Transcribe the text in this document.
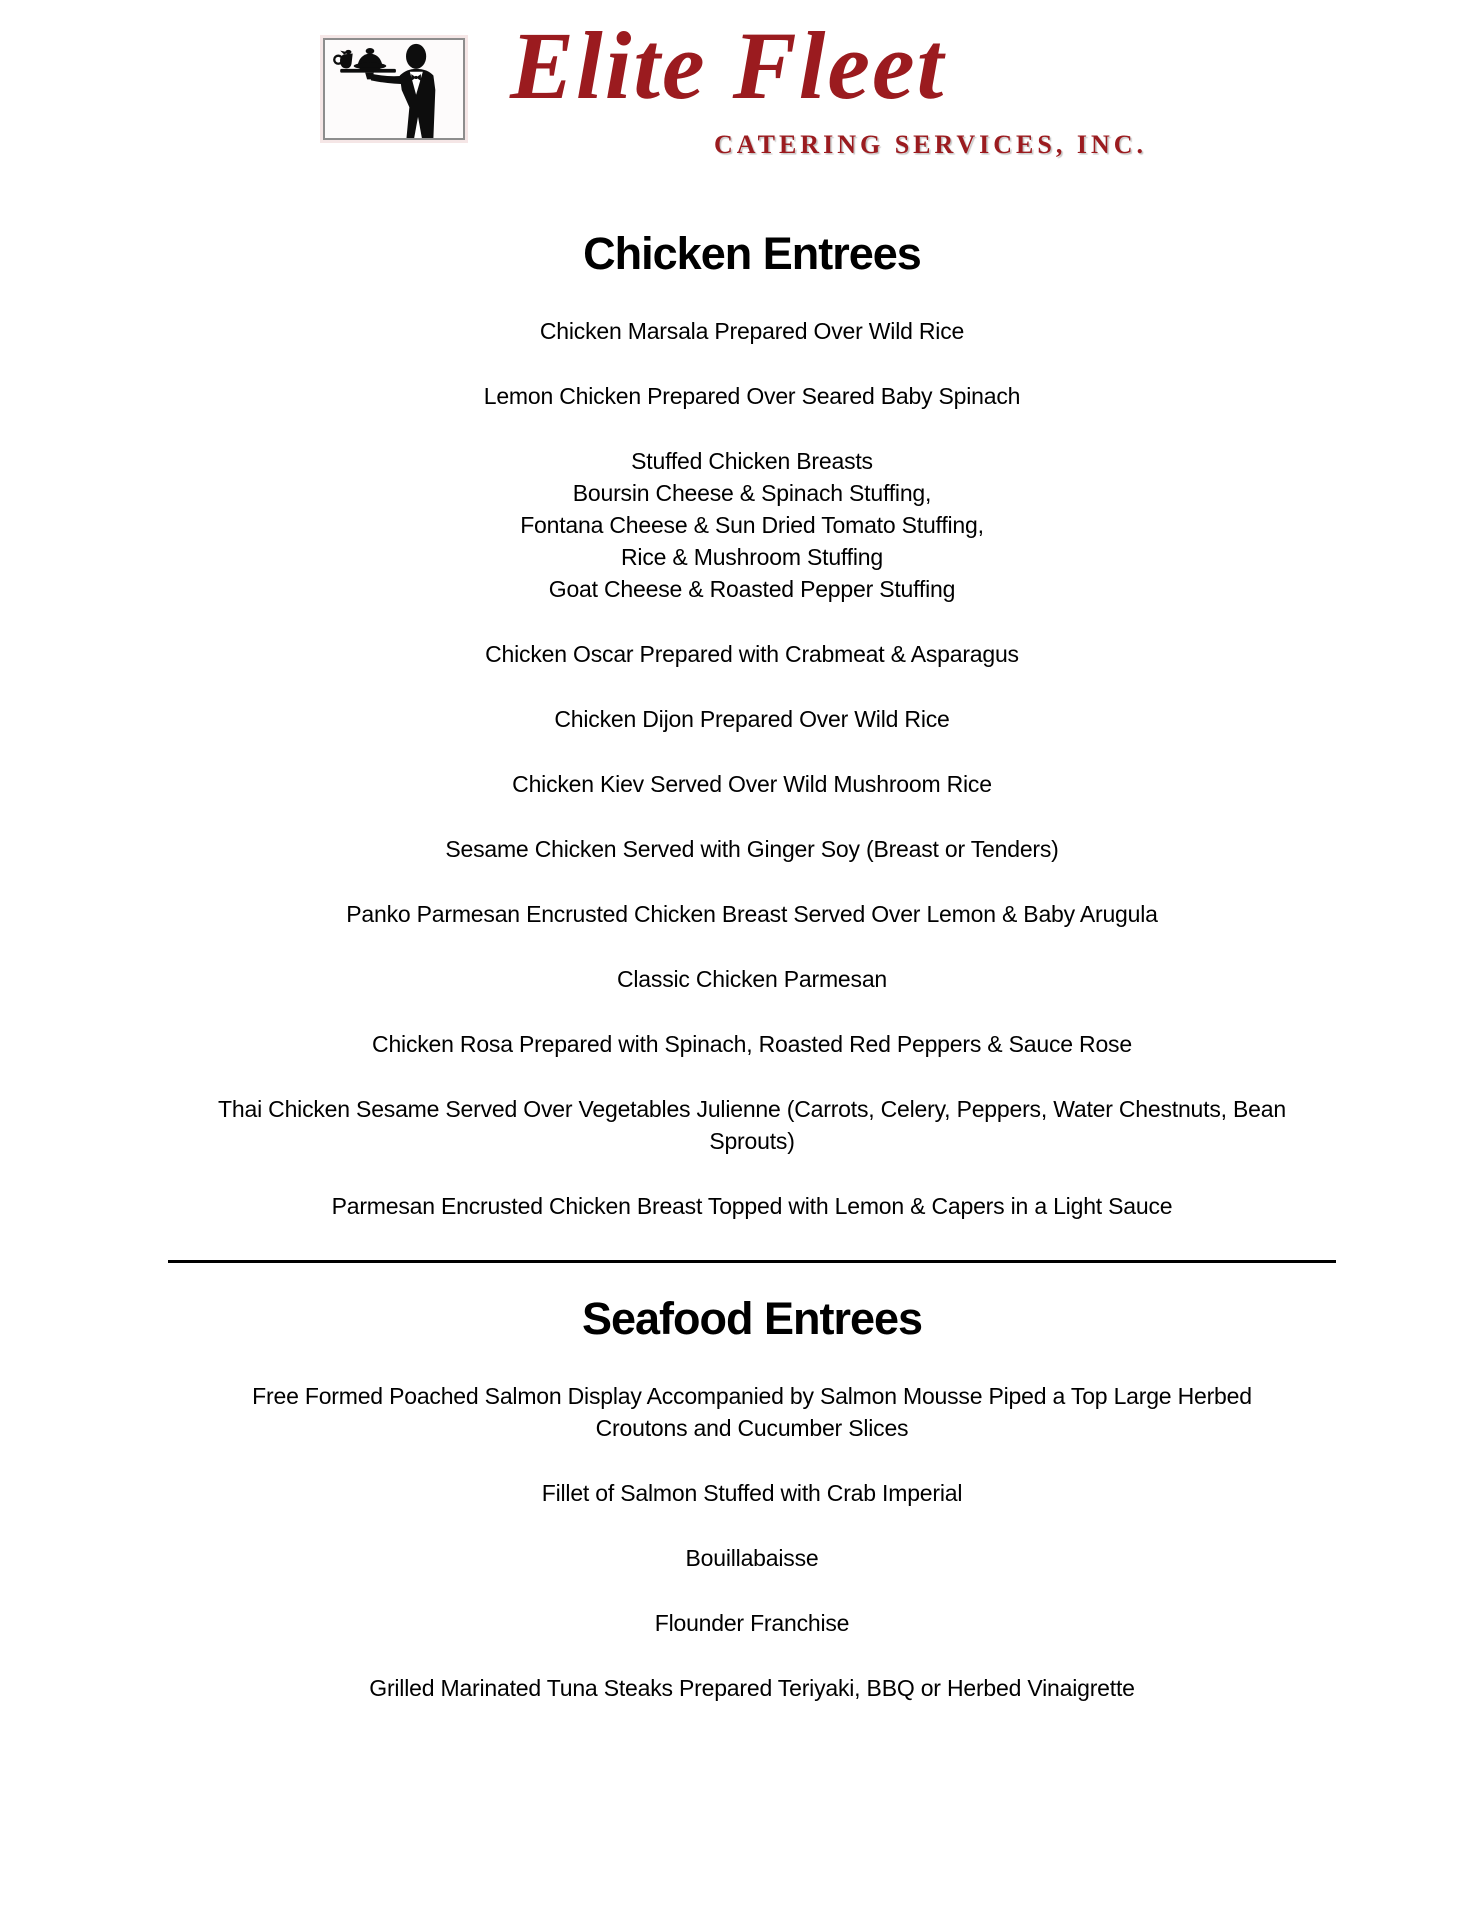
Elite Fleet
CATERING SERVICES, INC.
Chicken Entrees
Chicken Marsala Prepared Over Wild Rice
Lemon Chicken Prepared Over Seared Baby Spinach
Stuffed Chicken Breasts
Boursin Cheese & Spinach Stuffing,
Fontana Cheese & Sun Dried Tomato Stuffing,
Rice & Mushroom Stuffing
Goat Cheese & Roasted Pepper Stuffing
Chicken Oscar Prepared with Crabmeat & Asparagus
Chicken Dijon Prepared Over Wild Rice
Chicken Kiev Served Over Wild Mushroom Rice
Sesame Chicken Served with Ginger Soy (Breast or Tenders)
Panko Parmesan Encrusted Chicken Breast Served Over Lemon & Baby Arugula
Classic Chicken Parmesan
Chicken Rosa Prepared with Spinach, Roasted Red Peppers & Sauce Rose
Thai Chicken Sesame Served Over Vegetables Julienne (Carrots, Celery, Peppers, Water Chestnuts, Bean
Sprouts)
Parmesan Encrusted Chicken Breast Topped with Lemon & Capers in a Light Sauce
Seafood Entrees
Free Formed Poached Salmon Display Accompanied by Salmon Mousse Piped a Top Large Herbed
Croutons and Cucumber Slices
Fillet of Salmon Stuffed with Crab Imperial
Bouillabaisse
Flounder Franchise
Grilled Marinated Tuna Steaks Prepared Teriyaki, BBQ or Herbed Vinaigrette
